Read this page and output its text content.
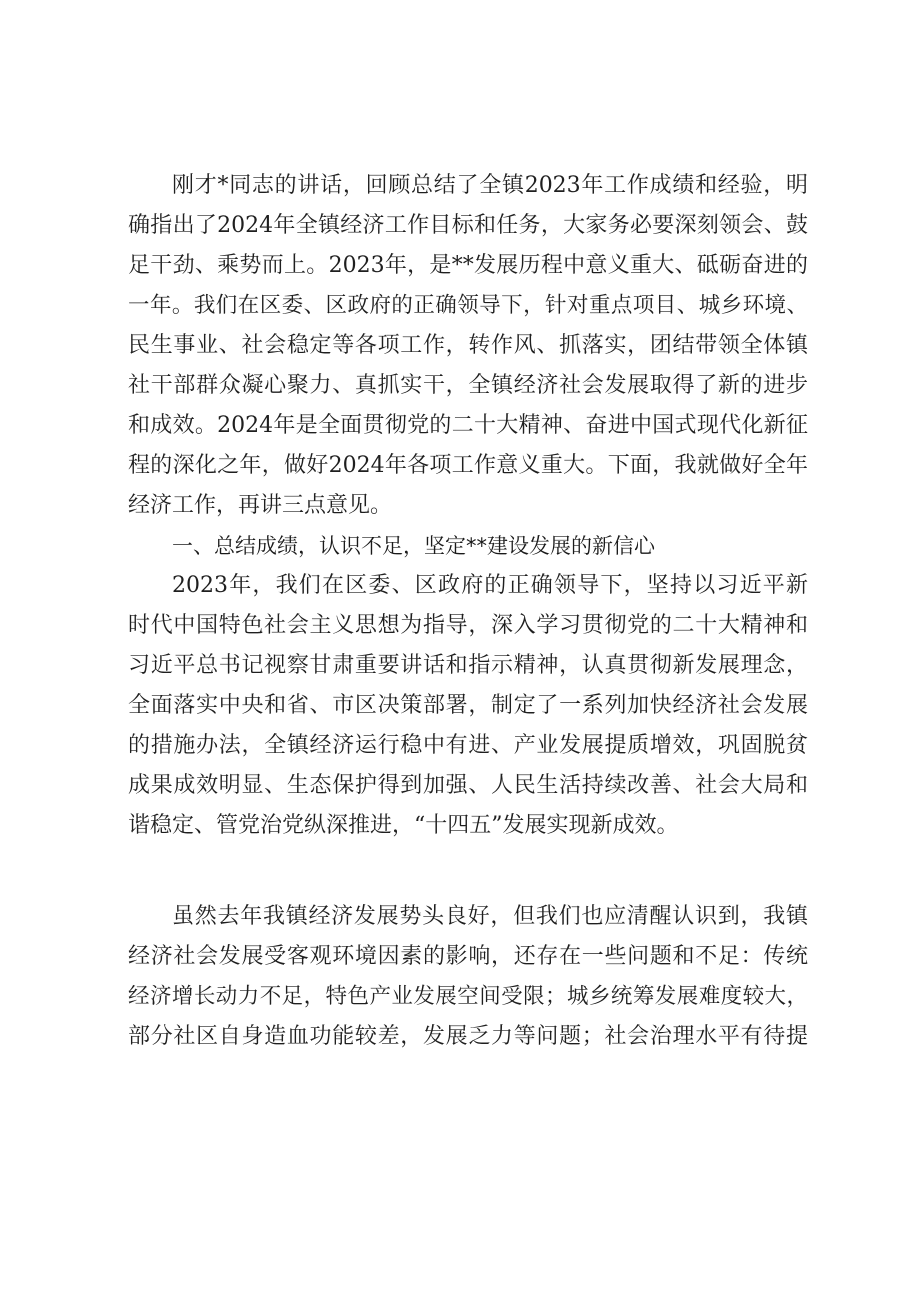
刚才*同志的讲话，回顾总结了全镇2023年工作成绩和经验，明

确指出了2024年全镇经济工作目标和任务，大家务必要深刻领会、鼓

足干劲、乘势而上。2023年，是**发展历程中意义重大、砥砺奋进的

一年。我们在区委、区政府的正确领导下，针对重点项目、城乡环境、

民生事业、社会稳定等各项工作，转作风、抓落实，团结带领全体镇

社干部群众凝心聚力、真抓实干，全镇经济社会发展取得了新的进步

和成效。2024年是全面贯彻党的二十大精神、奋进中国式现代化新征

程的深化之年，做好2024年各项工作意义重大。下面，我就做好全年

经济工作，再讲三点意见。

一、总结成绩，认识不足，坚定**建设发展的新信心

2023年，我们在区委、区政府的正确领导下，坚持以习近平新

时代中国特色社会主义思想为指导，深入学习贯彻党的二十大精神和

习近平总书记视察甘肃重要讲话和指示精神，认真贯彻新发展理念，

全面落实中央和省、市区决策部署，制定了一系列加快经济社会发展

的措施办法，全镇经济运行稳中有进、产业发展提质增效，巩固脱贫

成果成效明显、生态保护得到加强、人民生活持续改善、社会大局和

谐稳定、管党治党纵深推进，“十四五”发展实现新成效。

虽然去年我镇经济发展势头良好，但我们也应清醒认识到，我镇

经济社会发展受客观环境因素的影响，还存在一些问题和不足：传统

经济增长动力不足，特色产业发展空间受限；城乡统筹发展难度较大，

部分社区自身造血功能较差，发展乏力等问题；社会治理水平有待提
